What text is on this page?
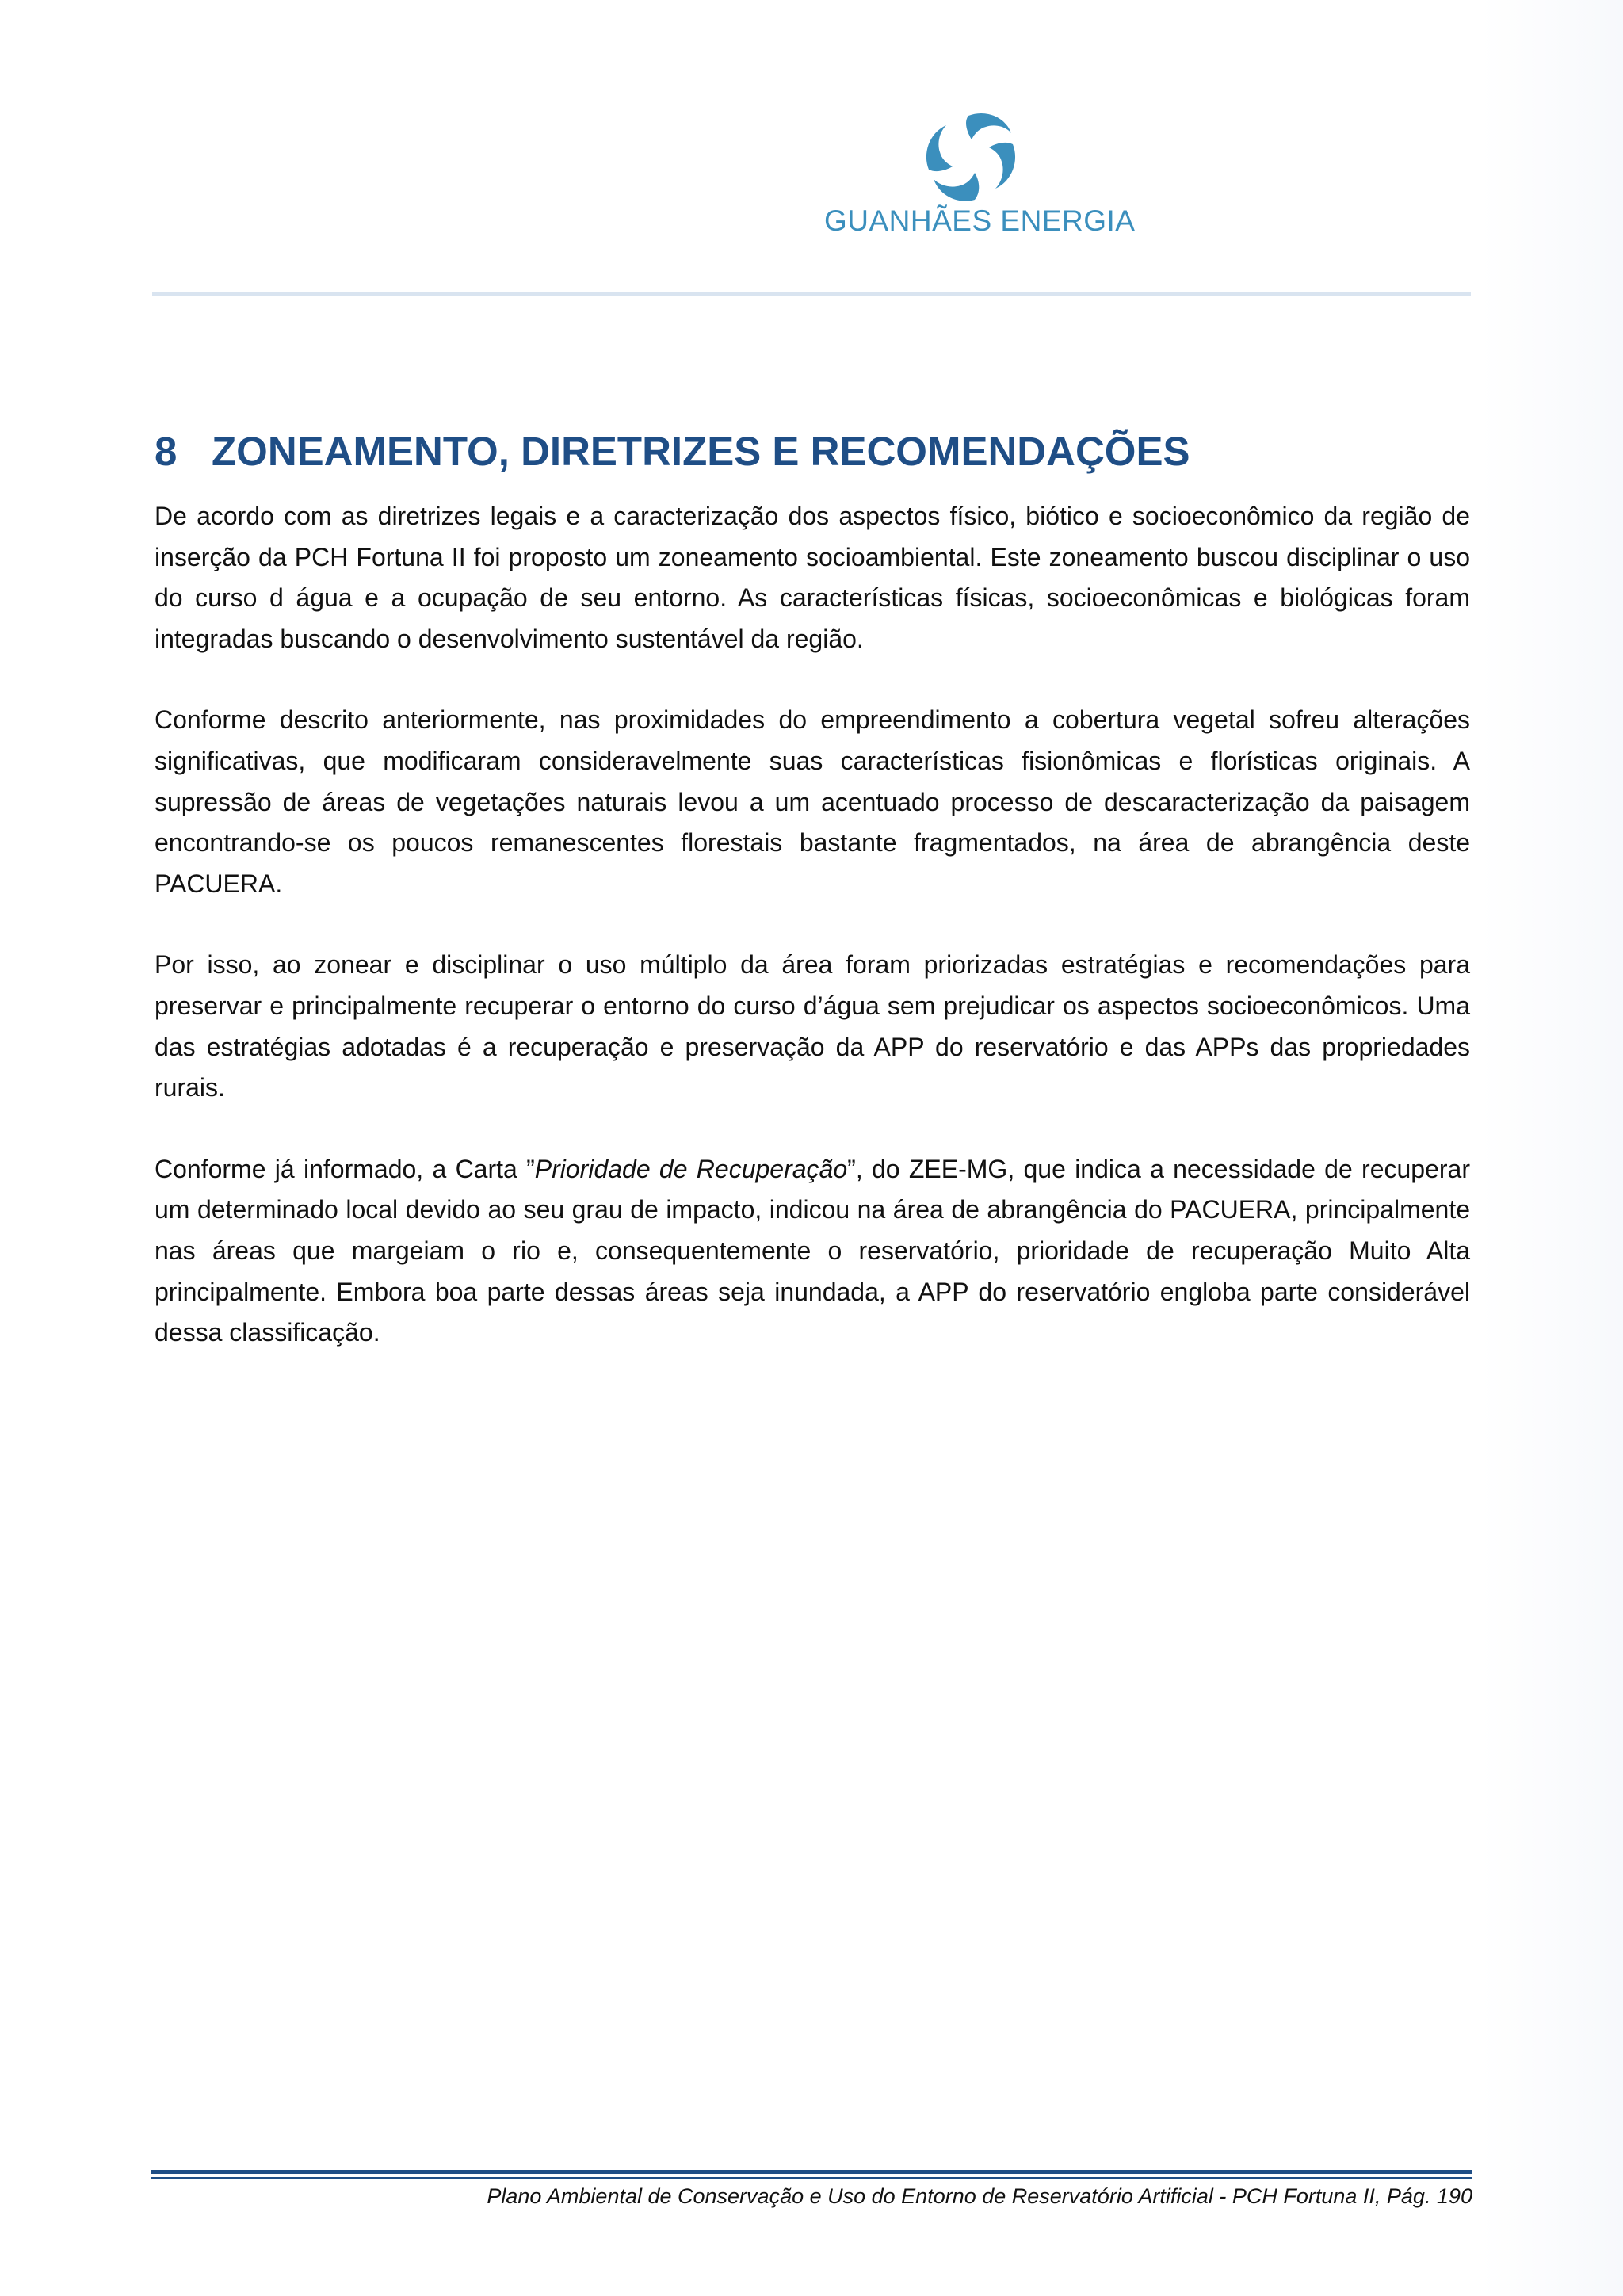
GUANHÃES ENERGIA
8 ZONEAMENTO, DIRETRIZES E RECOMENDAÇÕES

De acordo com as diretrizes legais e a caracterização dos aspectos físico, biótico e socioeconômico da região de inserção da PCH Fortuna II foi proposto um zoneamento socioambiental. Este zoneamento buscou disciplinar o uso do curso d água e a ocupação de seu entorno. As características físicas, socioeconômicas e biológicas foram integradas buscando o desenvolvimento sustentável da região.

Conforme descrito anteriormente, nas proximidades do empreendimento a cobertura vegetal sofreu alterações significativas, que modificaram consideravelmente suas características fisionômicas e florísticas originais. A supressão de áreas de vegetações naturais levou a um acentuado processo de descaracterização da paisagem encontrando-se os poucos remanescentes florestais bastante fragmentados, na área de abrangência deste PACUERA.

Por isso, ao zonear e disciplinar o uso múltiplo da área foram priorizadas estratégias e recomendações para preservar e principalmente recuperar o entorno do curso d’água sem prejudicar os aspectos socioeconômicos. Uma das estratégias adotadas é a recuperação e preservação da APP do reservatório e das APPs das propriedades rurais.

Conforme já informado, a Carta ”Prioridade de Recuperação”, do ZEE-MG, que indica a necessidade de recuperar um determinado local devido ao seu grau de impacto, indicou na área de abrangência do PACUERA, principalmente nas áreas que margeiam o rio e, consequentemente o reservatório, prioridade de recuperação Muito Alta principalmente. Embora boa parte dessas áreas seja inundada, a APP do reservatório engloba parte considerável dessa classificação.

Plano Ambiental de Conservação e Uso do Entorno de Reservatório Artificial - PCH Fortuna II, Pág. 190
